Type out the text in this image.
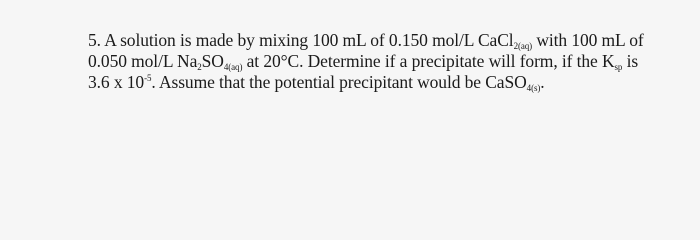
5. A solution is made by mixing 100 mL of 0.150 mol/L CaCl$_{2(aq)}$ with 100 mL of

0.050 mol/L $Na_2SO_{4(aq)}$ at 20°C. Determine if a precipitate will form, if the $K_{sp}$ is

3.6 x $10^{-5}$. Assume that the potential precipitant would be CaSO$_{4(s)}$.
